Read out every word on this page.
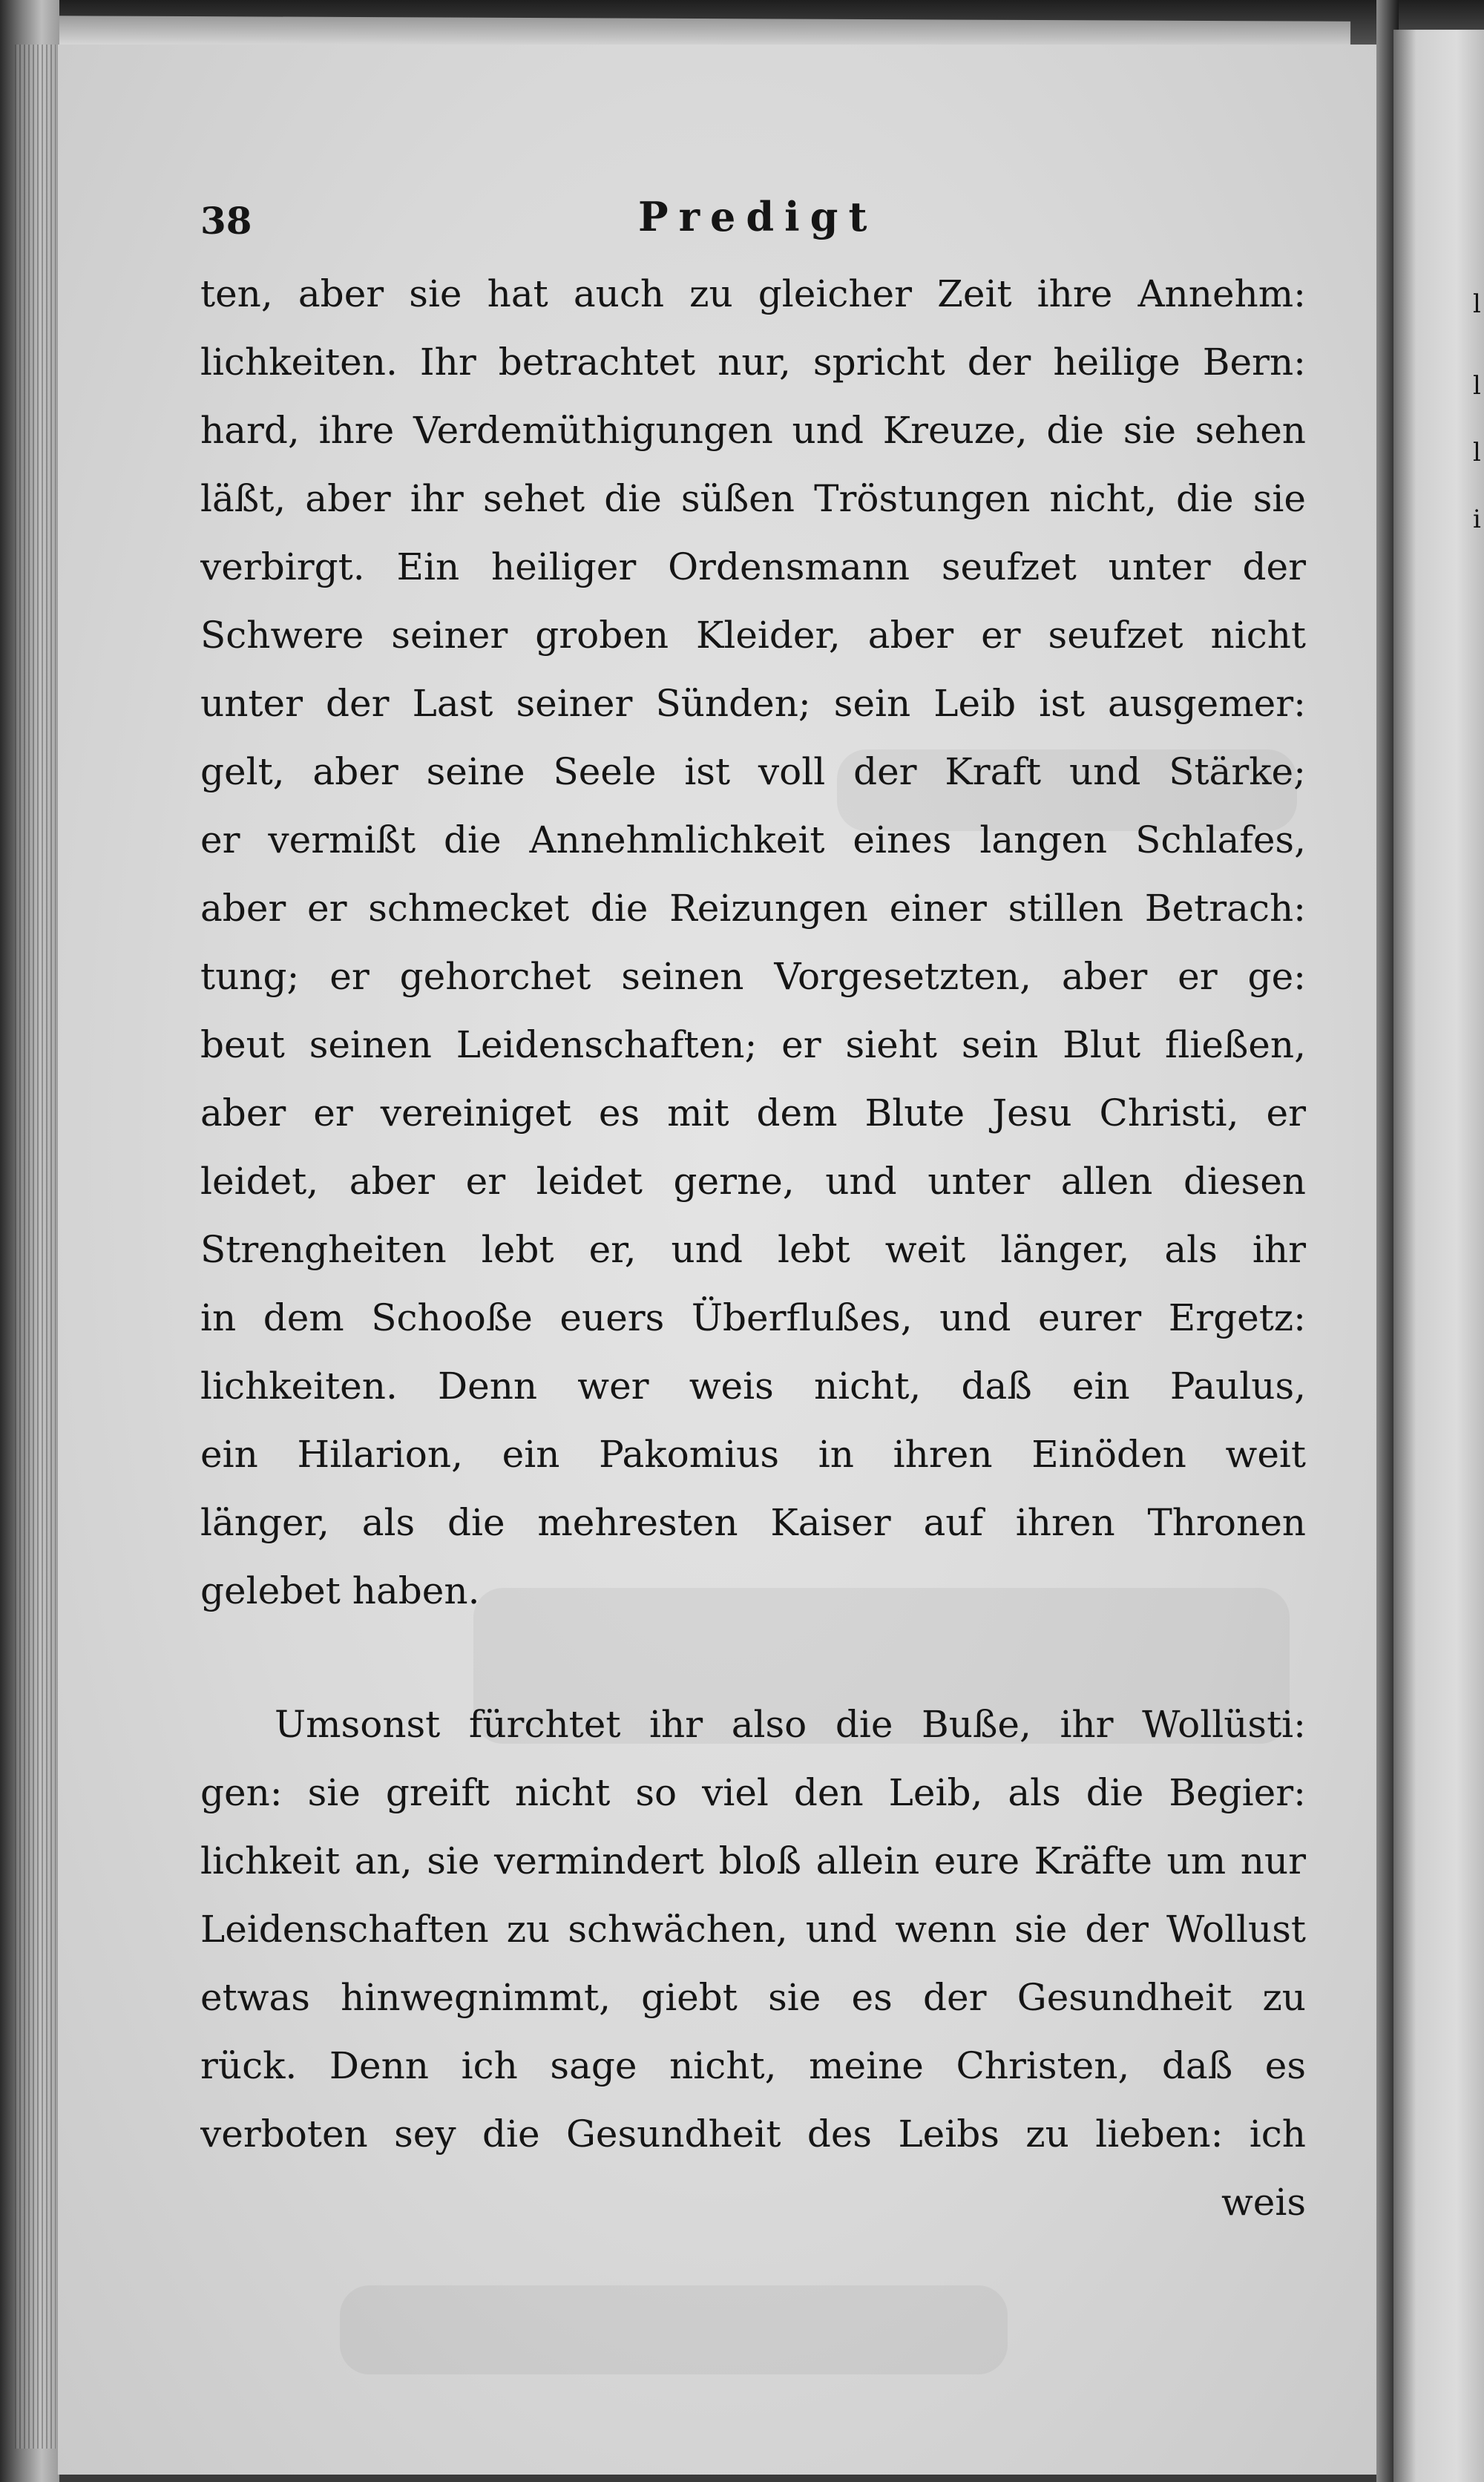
l
l
l
i
38	Predigt
ten, aber sie hat auch zu gleicher Zeit ihre Annehm:
lichkeiten. Ihr betrachtet nur, spricht der heilige Bern:
hard, ihre Verdemüthigungen und Kreuze, die sie sehen
läßt, aber ihr sehet die süßen Tröstungen nicht, die sie
verbirgt. Ein heiliger Ordensmann seufzet unter der
Schwere seiner groben Kleider, aber er seufzet nicht
unter der Last seiner Sünden; sein Leib ist ausgemer:
gelt, aber seine Seele ist voll der Kraft und Stärke;
er vermißt die Annehmlichkeit eines langen Schlafes,
aber er schmecket die Reizungen einer stillen Betrach:
tung; er gehorchet seinen Vorgesetzten, aber er ge:
beut seinen Leidenschaften; er sieht sein Blut fließen,
aber er vereiniget es mit dem Blute Jesu Christi, er
leidet, aber er leidet gerne, und unter allen diesen
Strengheiten lebt er, und lebt weit länger, als ihr
in dem Schooße euers Überflußes, und eurer Ergetz:
lichkeiten. Denn wer weis nicht, daß ein Paulus,
ein Hilarion, ein Pakomius in ihren Einöden weit
länger, als die mehresten Kaiser auf ihren Thronen
gelebet haben.
Umsonst fürchtet ihr also die Buße, ihr Wollüsti:
gen: sie greift nicht so viel den Leib, als die Begier:
lichkeit an, sie vermindert bloß allein eure Kräfte um nur
Leidenschaften zu schwächen, und wenn sie der Wollust
etwas hinwegnimmt, giebt sie es der Gesundheit zu
rück. Denn ich sage nicht, meine Christen, daß es
verboten sey die Gesundheit des Leibs zu lieben: ich
weis
